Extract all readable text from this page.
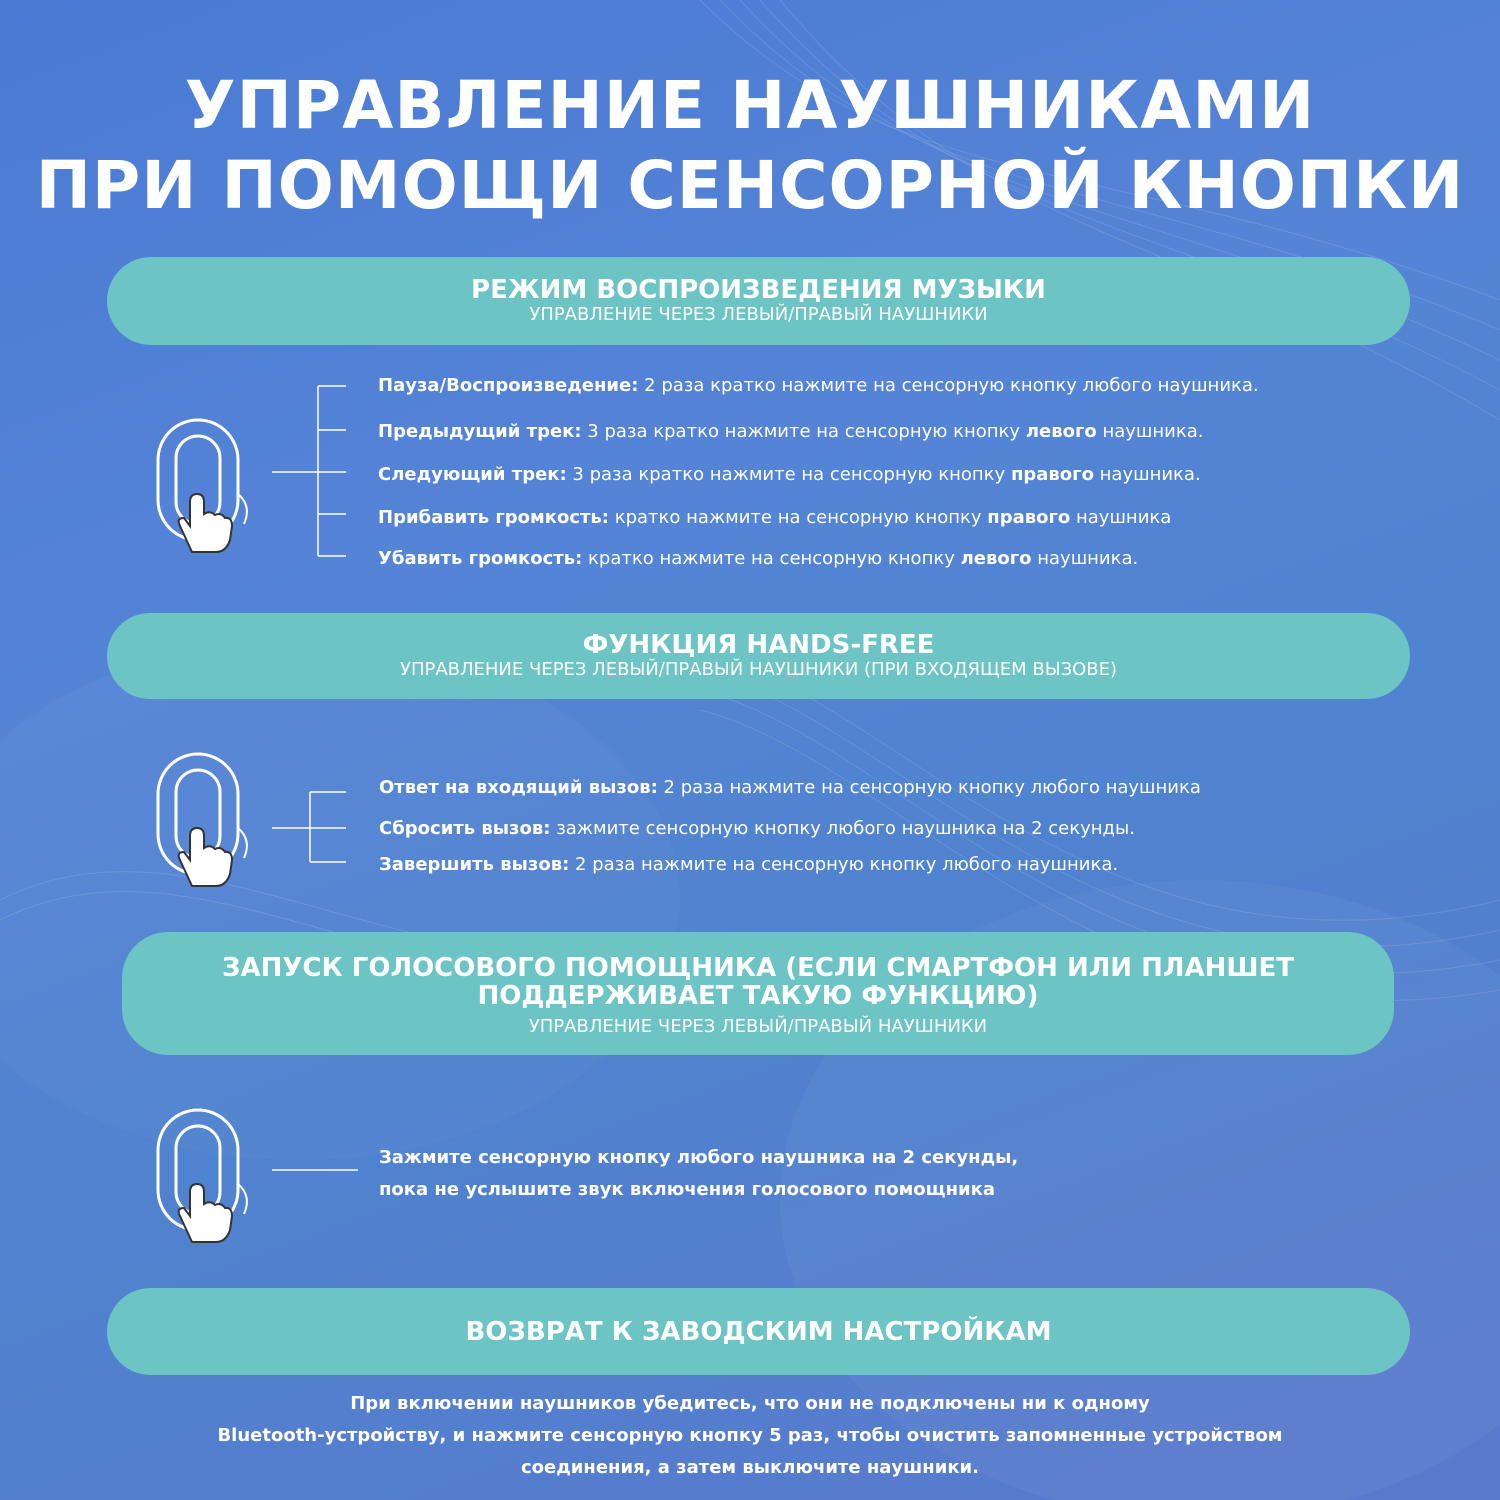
УПРАВЛЕНИЕ НАУШНИКАМИ
ПРИ ПОМОЩИ СЕНСОРНОЙ КНОПКИ
РЕЖИМ ВОСПРОИЗВЕДЕНИЯ МУЗЫКИ
УПРАВЛЕНИЕ ЧЕРЕЗ ЛЕВЫЙ/ПРАВЫЙ НАУШНИКИ
Пауза/Воспроизведение: 2 раза кратко нажмите на сенсорную кнопку любого наушника.
Предыдущий трек: 3 раза кратко нажмите на сенсорную кнопку левого наушника.
Следующий трек: 3 раза кратко нажмите на сенсорную кнопку правого наушника.
Прибавить громкость: кратко нажмите на сенсорную кнопку правого наушника
Убавить громкость: кратко нажмите на сенсорную кнопку левого наушника.
ФУНКЦИЯ HANDS-FREE
УПРАВЛЕНИЕ ЧЕРЕЗ ЛЕВЫЙ/ПРАВЫЙ НАУШНИКИ (ПРИ ВХОДЯЩЕМ ВЫЗОВЕ)
Ответ на входящий вызов: 2 раза нажмите на сенсорную кнопку любого наушника
Сбросить вызов: зажмите сенсорную кнопку любого наушника на 2 секунды.
Завершить вызов: 2 раза нажмите на сенсорную кнопку любого наушника.
ЗАПУСК ГОЛОСОВОГО ПОМОЩНИКА (ЕСЛИ СМАРТФОН ИЛИ ПЛАНШЕТ
ПОДДЕРЖИВАЕТ ТАКУЮ ФУНКЦИЮ)
УПРАВЛЕНИЕ ЧЕРЕЗ ЛЕВЫЙ/ПРАВЫЙ НАУШНИКИ
Зажмите сенсорную кнопку любого наушника на 2 секунды,
пока не услышите звук включения голосового помощника
ВОЗВРАТ К ЗАВОДСКИМ НАСТРОЙКАМ
При включении наушников убедитесь, что они не подключены ни к одному
Bluetooth-устройству, и нажмите сенсорную кнопку 5 раз, чтобы очистить запомненные устройством
соединения, а затем выключите наушники.
